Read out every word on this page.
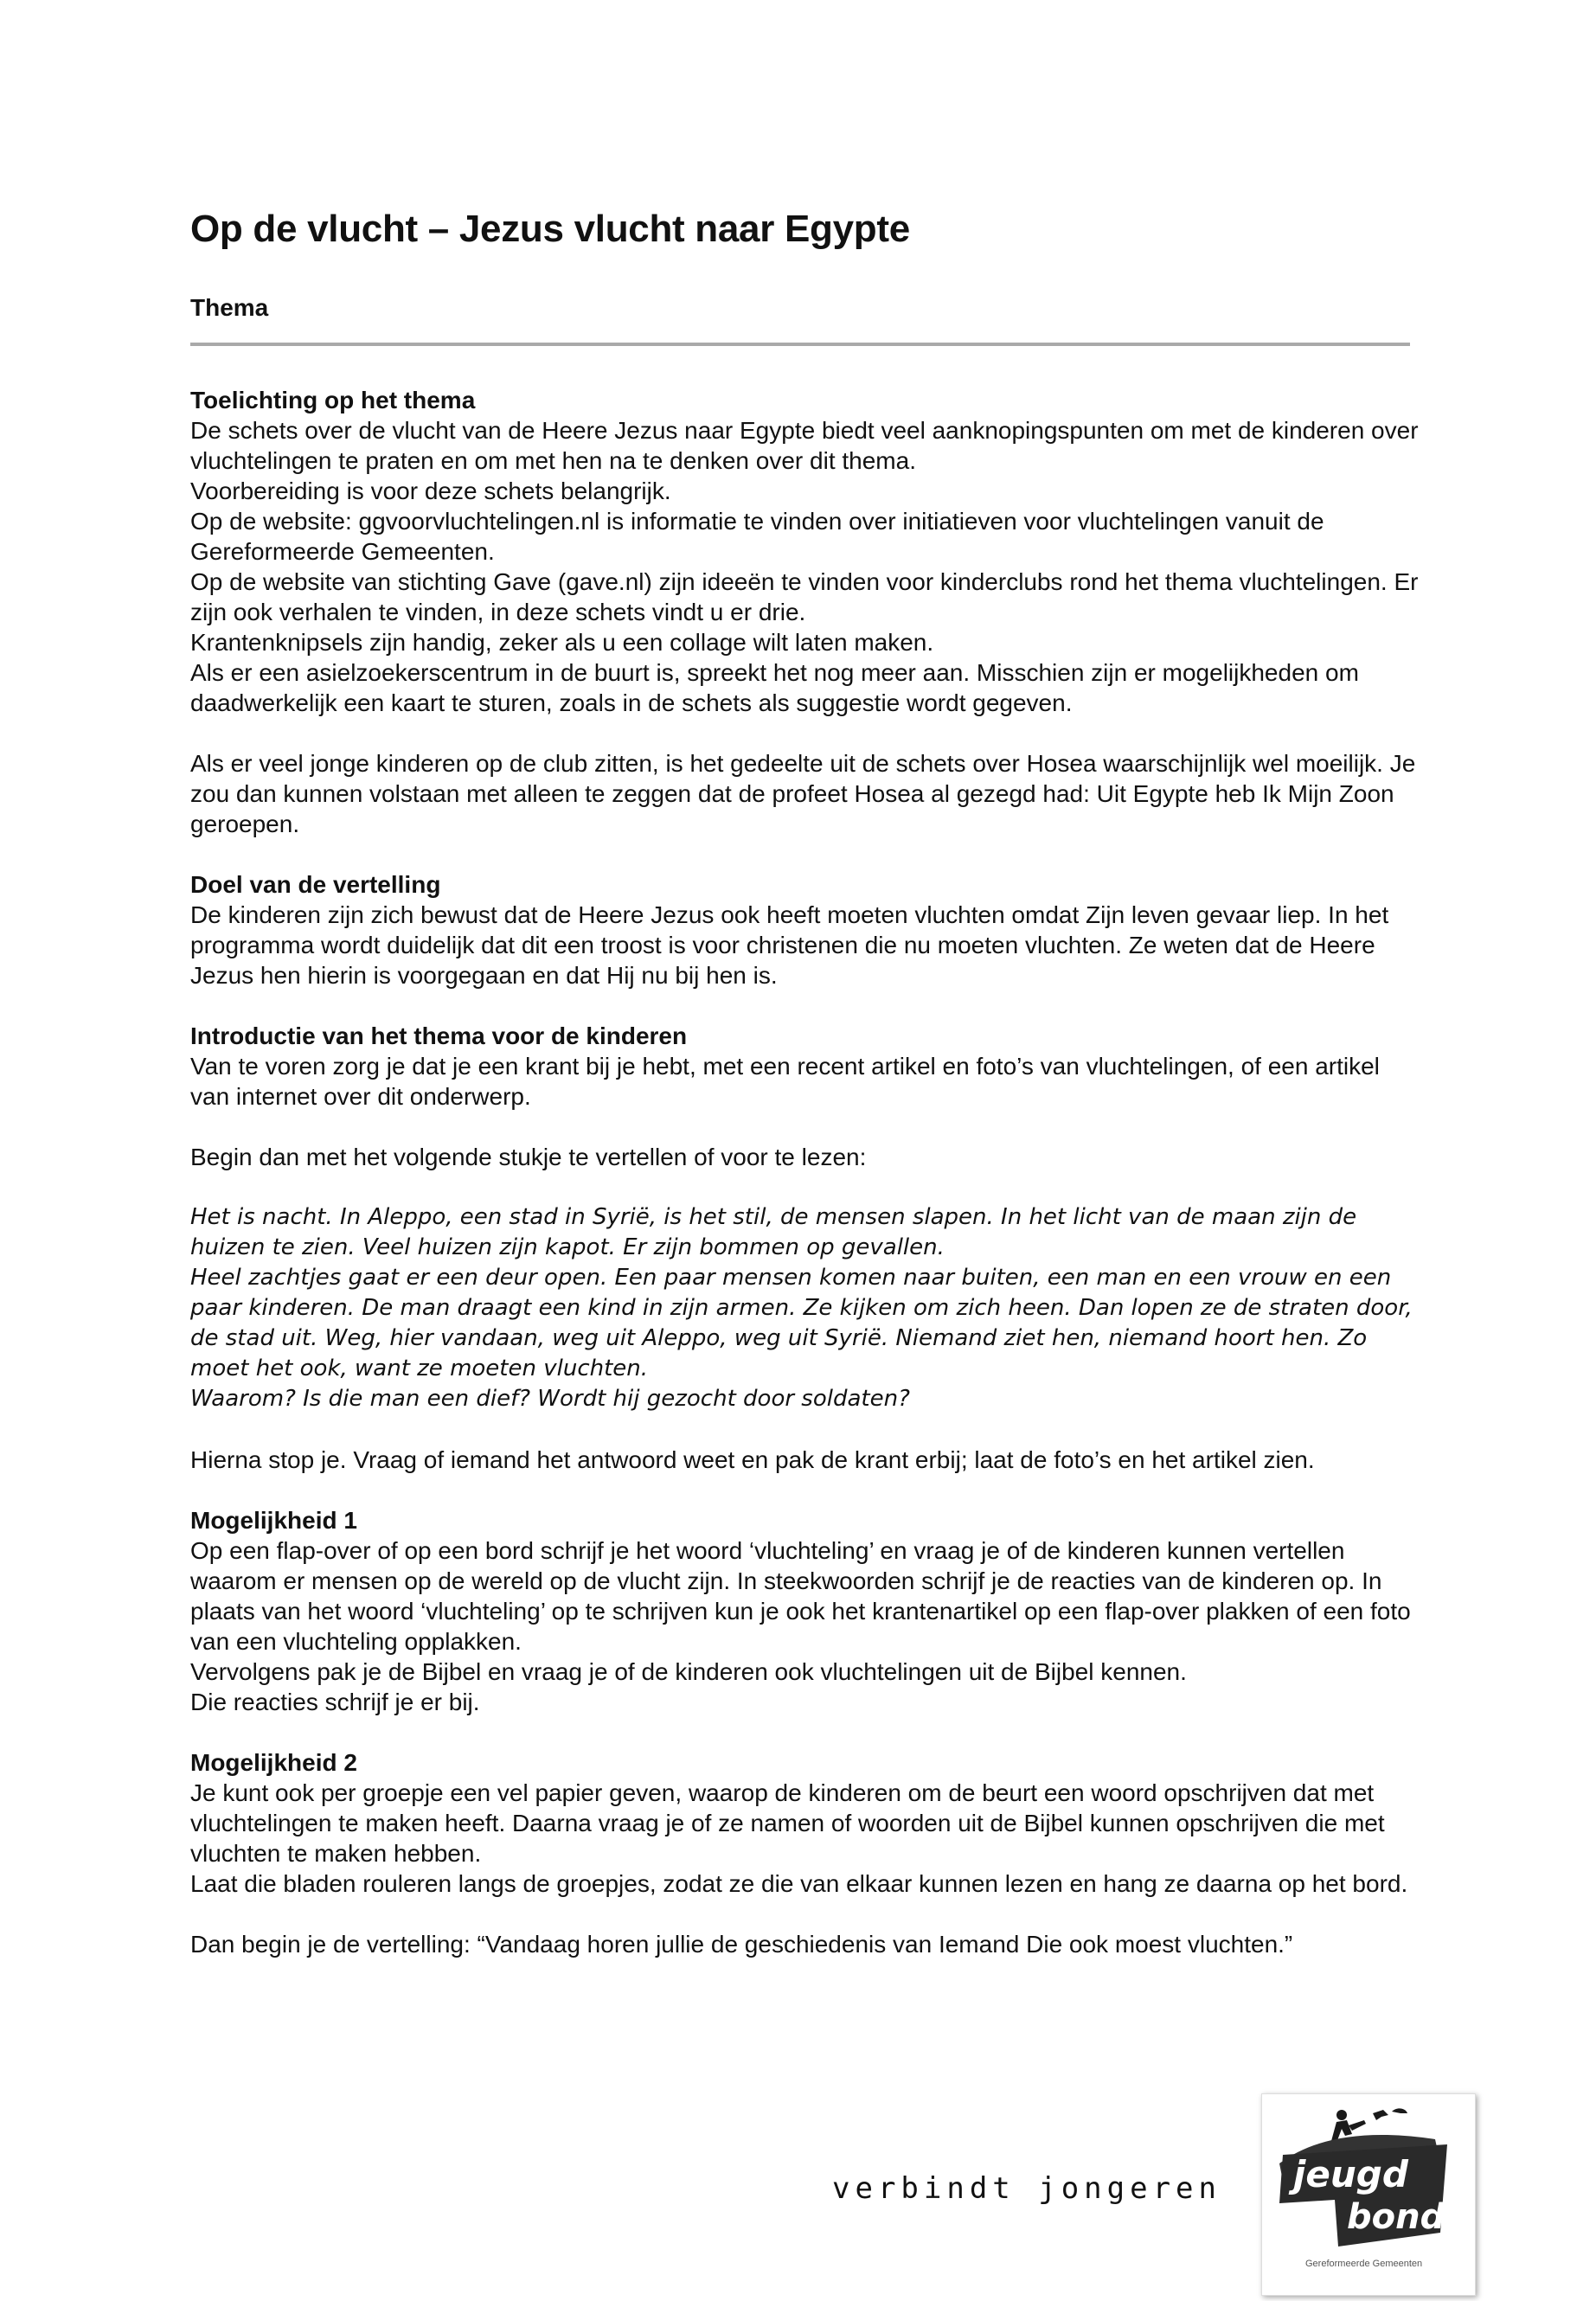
Op de vlucht – Jezus vlucht naar Egypte
Thema
Toelichting op het thema

De schets over de vlucht van de Heere Jezus naar Egypte biedt veel aanknopingspunten om met de kinderen over vluchtelingen te praten en om met hen na te denken over dit thema.
Voorbereiding is voor deze schets belangrijk.
Op de website: ggvoorvluchtelingen.nl is informatie te vinden over initiatieven voor vluchtelingen vanuit de Gereformeerde Gemeenten.
Op de website van stichting Gave (gave.nl) zijn ideeën te vinden voor kinderclubs rond het thema vluchtelingen. Er zijn ook verhalen te vinden, in deze schets vindt u er drie.
Krantenknipsels zijn handig, zeker als u een collage wilt laten maken.
Als er een asielzoekerscentrum in de buurt is, spreekt het nog meer aan. Misschien zijn er mogelijkheden om daadwerkelijk een kaart te sturen, zoals in de schets als suggestie wordt gegeven.

Als er veel jonge kinderen op de club zitten, is het gedeelte uit de schets over Hosea waarschijnlijk wel moeilijk. Je zou dan kunnen volstaan met alleen te zeggen dat de profeet Hosea al gezegd had: Uit Egypte heb Ik Mijn Zoon geroepen.

Doel van de vertelling

De kinderen zijn zich bewust dat de Heere Jezus ook heeft moeten vluchten omdat Zijn leven gevaar liep. In het programma wordt duidelijk dat dit een troost is voor christenen die nu moeten vluchten. Ze weten dat de Heere Jezus hen hierin is voorgegaan en dat Hij nu bij hen is.

Introductie van het thema voor de kinderen

Van te voren zorg je dat je een krant bij je hebt, met een recent artikel en foto’s van vluchtelingen, of een artikel van internet over dit onderwerp.

Begin dan met het volgende stukje te vertellen of voor te lezen:

Het is nacht. In Aleppo, een stad in Syrië, is het stil, de mensen slapen. In het licht van de maan zijn de huizen te zien. Veel huizen zijn kapot. Er zijn bommen op gevallen.
Heel zachtjes gaat er een deur open. Een paar mensen komen naar buiten, een man en een vrouw en een paar kinderen. De man draagt een kind in zijn armen. Ze kijken om zich heen. Dan lopen ze de straten door, de stad uit. Weg, hier vandaan, weg uit Aleppo, weg uit Syrië. Niemand ziet hen, niemand hoort hen. Zo moet het ook, want ze moeten vluchten.
Waarom? Is die man een dief? Wordt hij gezocht door soldaten?

Hierna stop je. Vraag of iemand het antwoord weet en pak de krant erbij; laat de foto’s en het artikel zien.

Mogelijkheid 1

Op een flap-over of op een bord schrijf je het woord ‘vluchteling’ en vraag je of de kinderen kunnen vertellen waarom er mensen op de wereld op de vlucht zijn. In steekwoorden schrijf je de reacties van de kinderen op. In plaats van het woord ‘vluchteling’ op te schrijven kun je ook het krantenartikel op een flap-over plakken of een foto van een vluchteling opplakken.
Vervolgens pak je de Bijbel en vraag je of de kinderen ook vluchtelingen uit de Bijbel kennen.
Die reacties schrijf je er bij.

Mogelijkheid 2

Je kunt ook per groepje een vel papier geven, waarop de kinderen om de beurt een woord opschrijven dat met vluchtelingen te maken heeft. Daarna vraag je of ze namen of woorden uit de Bijbel kunnen opschrijven die met vluchten te maken hebben.
Laat die bladen rouleren langs de groepjes, zodat ze die van elkaar kunnen lezen en hang ze daarna op het bord.

Dan begin je de vertelling: “Vandaag horen jullie de geschiedenis van Iemand Die ook moest vluchten.”

verbindt jongeren jeugd
bond
Gereformeerde Gemeenten
